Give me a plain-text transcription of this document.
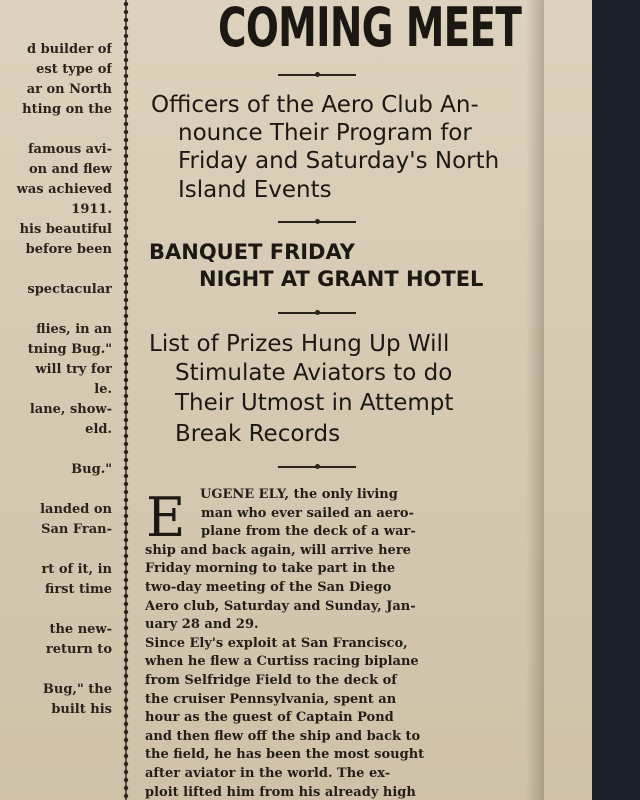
d builder of
est type of
ar on North
hting on the
famous avi-
on and flew
was achieved
1911.
his beautiful
before been
spectacular
flies, in an
tning Bug."
will try for
le.
lane, show-
eld.
Bug."
landed on
San Fran-
rt of it, in
first time
the new-
return to
Bug," the
built his
COMING MEET
Officers of the Aero Club An-
nounce Their Program for
Friday and Saturday's North
Island Events
BANQUET FRIDAY
NIGHT AT GRANT HOTEL
List of Prizes Hung Up Will
Stimulate Aviators to do
Their Utmost in Attempt
Break Records
E UGENE ELY, the only living
man who ever sailed an aero-
plane from the deck of a war-
ship and back again, will arrive here
Friday morning to take part in the
two-day meeting of the San Diego
Aero club, Saturday and Sunday, Jan-
uary 28 and 29.
Since Ely's exploit at San Francisco,
when he flew a Curtiss racing biplane
from Selfridge Field to the deck of
the cruiser Pennsylvania, spent an
hour as the guest of Captain Pond
and then flew off the ship and back to
the field, he has been the most sought
after aviator in the world. The ex-
ploit lifted him from his already high
